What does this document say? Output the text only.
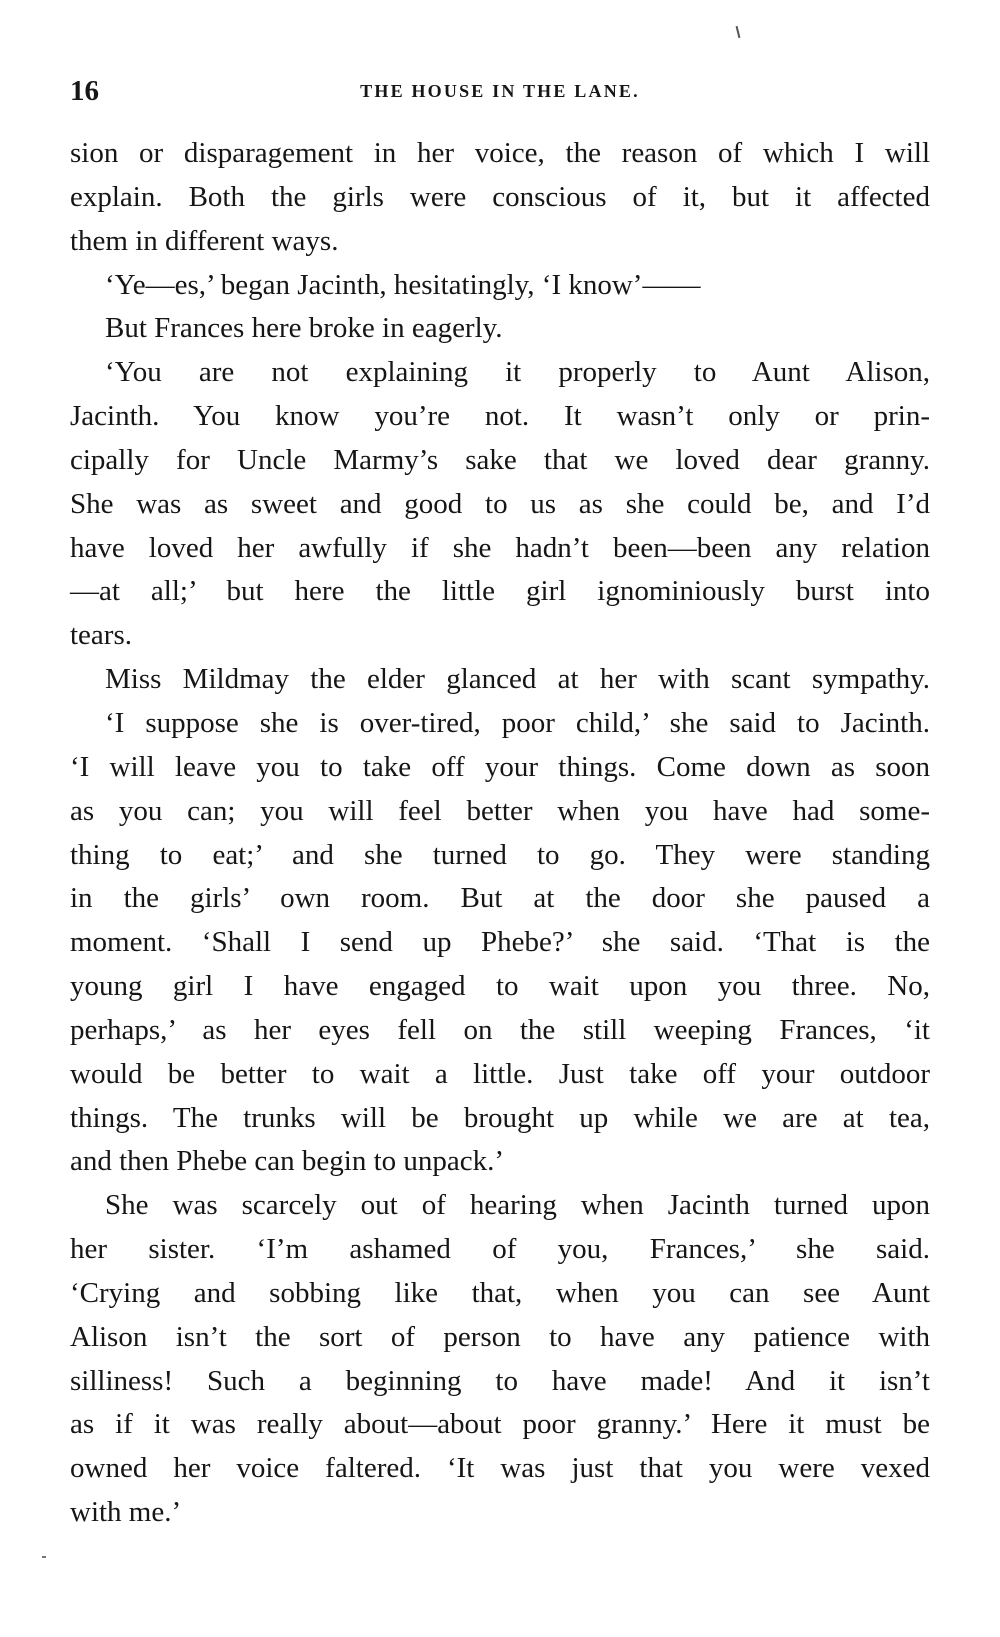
16	THE HOUSE IN THE LANE.
sion or disparagement in her voice, the reason of which I will
explain. Both the girls were conscious of it, but it affected
them in different ways.
‘Ye—es,’ began Jacinth, hesitatingly, ‘I know’——
But Frances here broke in eagerly.
‘You are not explaining it properly to Aunt Alison,
Jacinth. You know you’re not. It wasn’t only or prin-
cipally for Uncle Marmy’s sake that we loved dear granny.
She was as sweet and good to us as she could be, and I’d
have loved her awfully if she hadn’t been—been any relation
—at all;’ but here the little girl ignominiously burst into
tears.
Miss Mildmay the elder glanced at her with scant sympathy.
‘I suppose she is over-tired, poor child,’ she said to Jacinth.
‘I will leave you to take off your things. Come down as soon
as you can; you will feel better when you have had some-
thing to eat;’ and she turned to go. They were standing
in the girls’ own room. But at the door she paused a
moment. ‘Shall I send up Phebe?’ she said. ‘That is the
young girl I have engaged to wait upon you three. No,
perhaps,’ as her eyes fell on the still weeping Frances, ‘it
would be better to wait a little. Just take off your outdoor
things. The trunks will be brought up while we are at tea,
and then Phebe can begin to unpack.’
She was scarcely out of hearing when Jacinth turned upon
her sister. ‘I’m ashamed of you, Frances,’ she said.
‘Crying and sobbing like that, when you can see Aunt
Alison isn’t the sort of person to have any patience with
silliness! Such a beginning to have made! And it isn’t
as if it was really about—about poor granny.’ Here it must be
owned her voice faltered. ‘It was just that you were vexed
with me.’
